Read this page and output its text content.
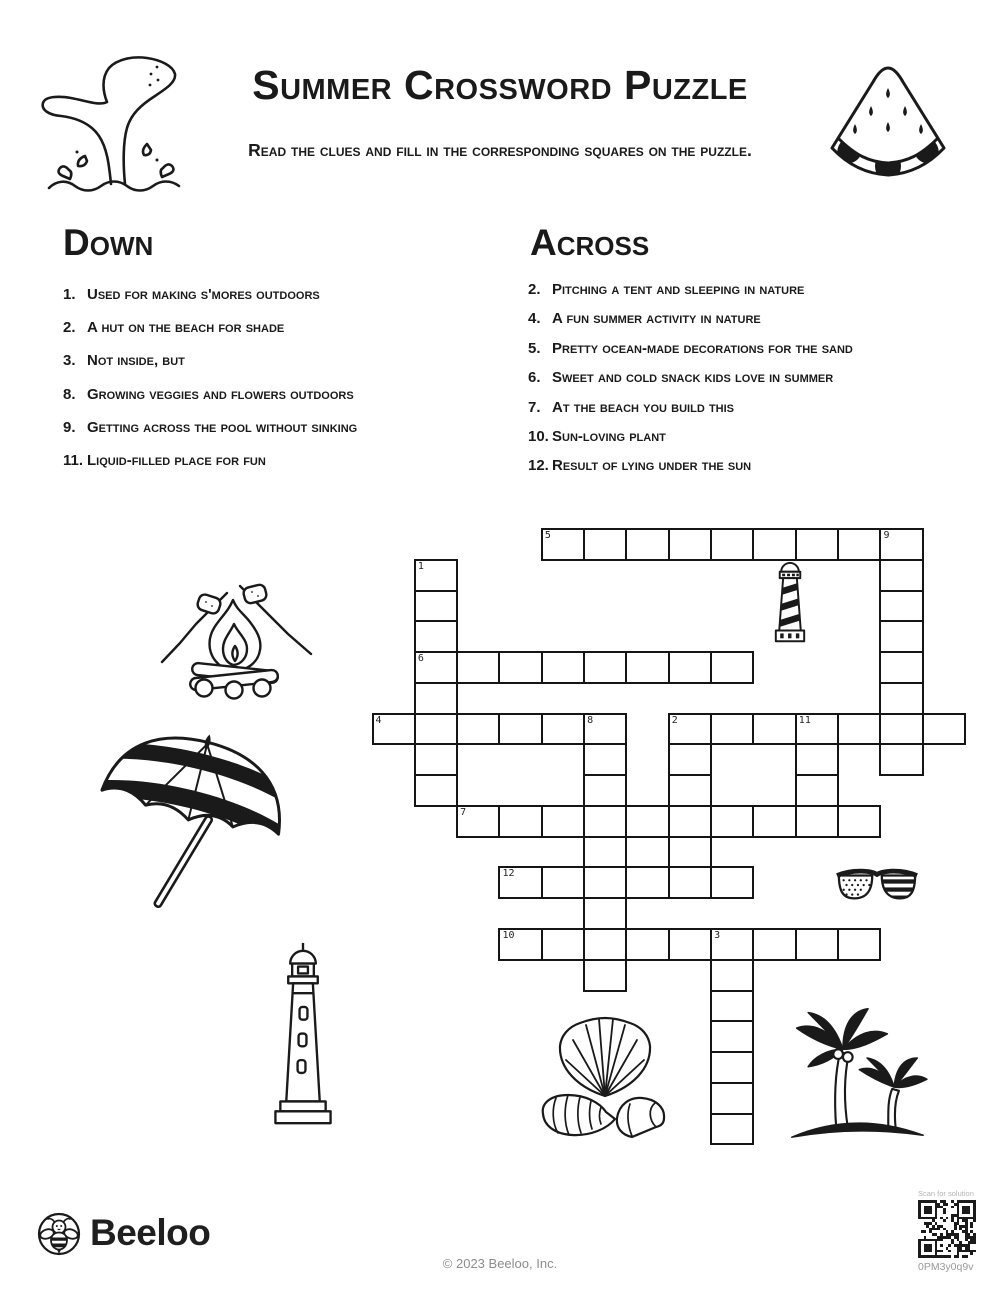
Summer Crossword Puzzle
Read the clues and fill in the corresponding squares on the puzzle.
Down
1. Used for making s'mores outdoors
2. A hut on the beach for shade
3. Not inside, but
8. Growing veggies and flowers outdoors
9. Getting across the pool without sinking
11. Liquid-filled place for fun
Across
2. Pitching a tent and sleeping in nature
4. A fun summer activity in nature
5. Pretty ocean-made decorations for the sand
6. Sweet and cold snack kids love in summer
7. At the beach you build this
10. Sun-loving plant
12. Result of lying under the sun
5	9
1
6
4	8	2	11
7
12
10	3
Beeloo
© 2023 Beeloo, Inc.
Scan for solution
0PM3y0q9v
